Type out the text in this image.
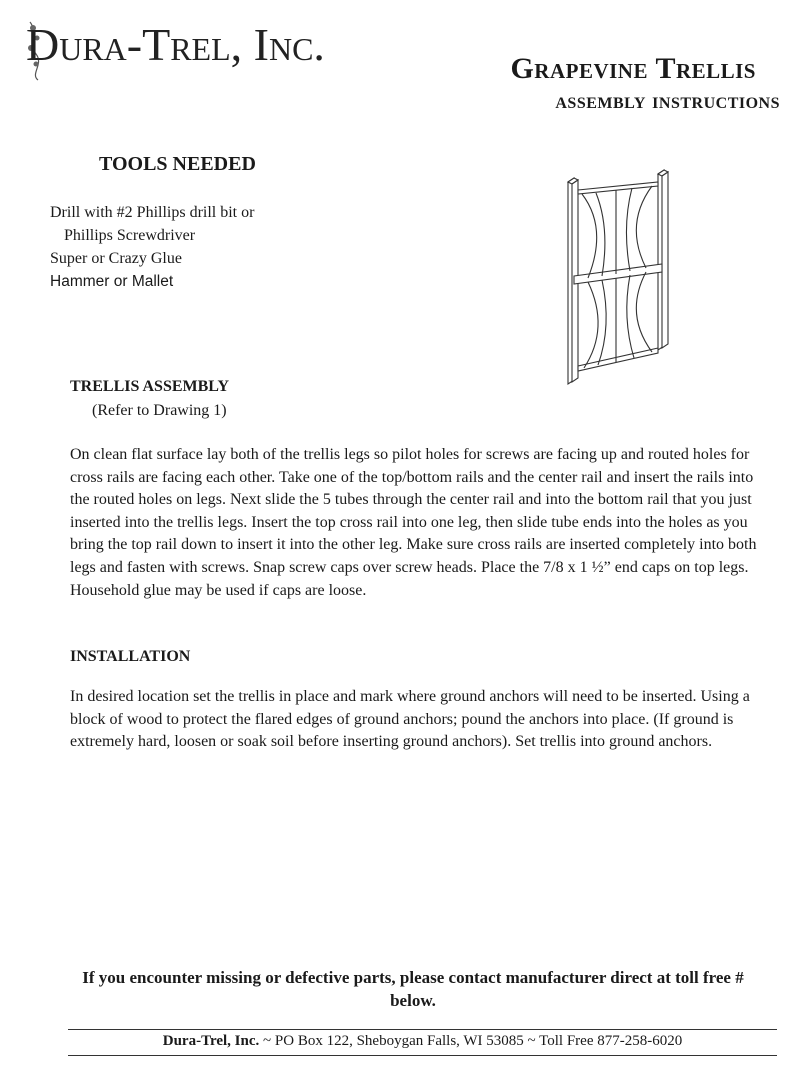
Dura-Trel, Inc.	Grapevine Trellis
assembly instructions
TOOLS NEEDED
Drill with #2 Phillips drill bit or
Phillips Screwdriver
Super or Crazy Glue
Hammer or Mallet
TRELLIS ASSEMBLY
(Refer to Drawing 1)
On clean flat surface lay both of the trellis legs so pilot holes for screws are facing up and routed holes for cross rails are facing each other. Take one of the top/bottom rails and the center rail and insert the rails into the routed holes on legs. Next slide the 5 tubes through the center rail and into the bottom rail that you just inserted into the trellis legs. Insert the top cross rail into one leg, then slide tube ends into the holes as you bring the top rail down to insert it into the other leg. Make sure cross rails are inserted completely into both legs and fasten with screws. Snap screw caps over screw heads. Place the 7/8 x 1 ½” end caps on top legs. Household glue may be used if caps are loose.
INSTALLATION
In desired location set the trellis in place and mark where ground anchors will need to be inserted. Using a block of wood to protect the flared edges of ground anchors; pound the anchors into place. (If ground is extremely hard, loosen or soak soil before inserting ground anchors). Set trellis into ground anchors.
If you encounter missing or defective parts, please contact manufacturer direct at toll free # below.
Dura-Trel, Inc. ~ PO Box 122, Sheboygan Falls, WI 53085 ~ Toll Free 877-258-6020
